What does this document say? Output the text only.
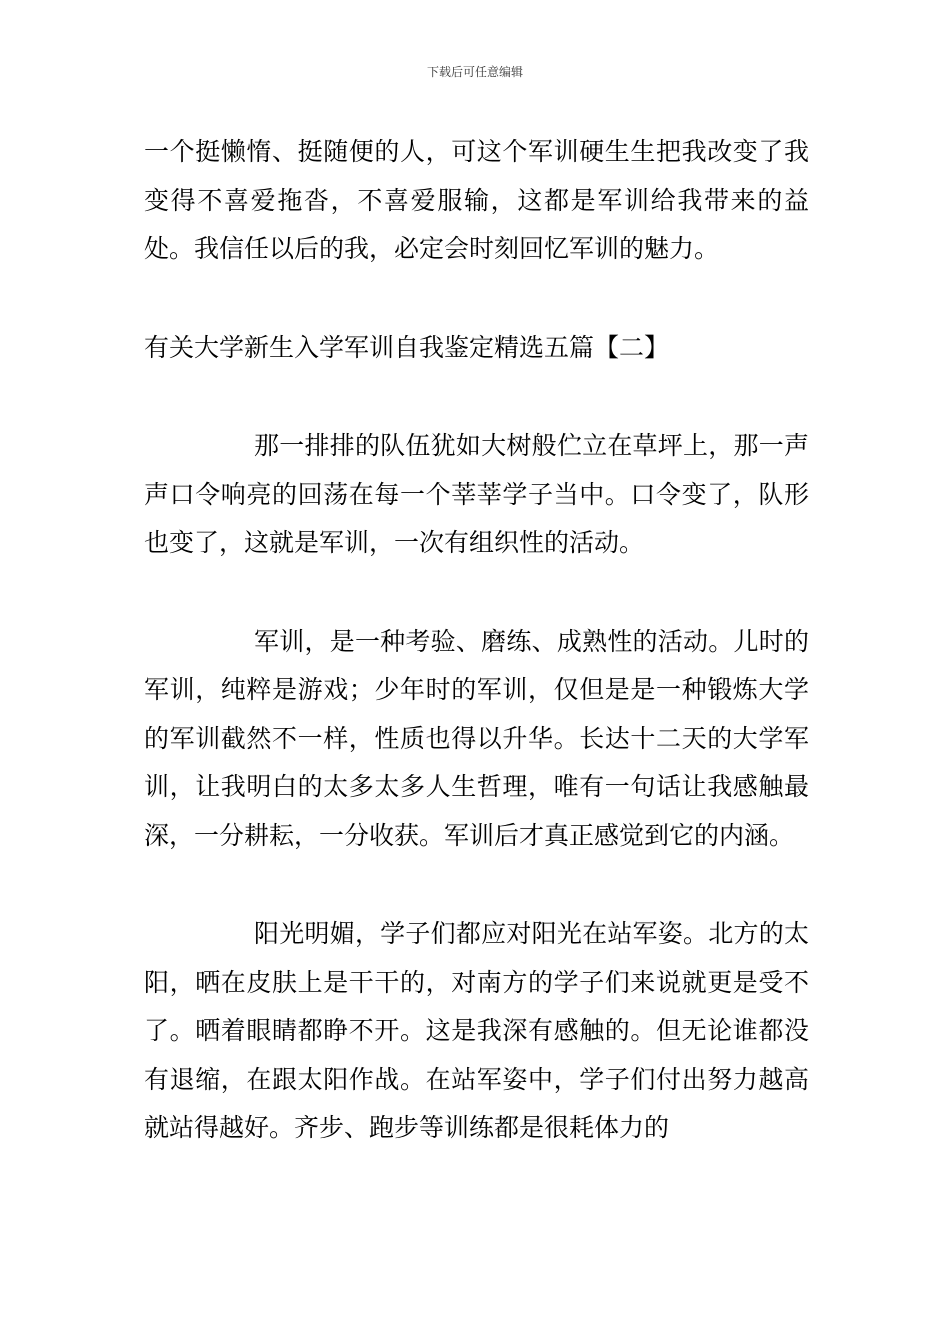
下载后可任意编辑

一个挺懒惰、挺随便的人，可这个军训硬生生把我改变了我变得不喜爱拖沓，不喜爱服输，这都是军训给我带来的益处。我信任以后的我，必定会时刻回忆军训的魅力。

有关大学新生入学军训自我鉴定精选五篇【二】

那一排排的队伍犹如大树般伫立在草坪上，那一声声口令响亮的回荡在每一个莘莘学子当中。口令变了，队形也变了，这就是军训，一次有组织性的活动。

军训，是一种考验、磨练、成熟性的活动。儿时的军训，纯粹是游戏；少年时的军训，仅但是是一种锻炼大学的军训截然不一样，性质也得以升华。长达十二天的大学军训，让我明白的太多太多人生哲理，唯有一句话让我感触最深，一分耕耘，一分收获。军训后才真正感觉到它的内涵。

阳光明媚，学子们都应对阳光在站军姿。北方的太阳，晒在皮肤上是干干的，对南方的学子们来说就更是受不了。晒着眼睛都睁不开。这是我深有感触的。但无论谁都没有退缩，在跟太阳作战。在站军姿中，学子们付出努力越高就站得越好。齐步、跑步等训练都是很耗体力的
